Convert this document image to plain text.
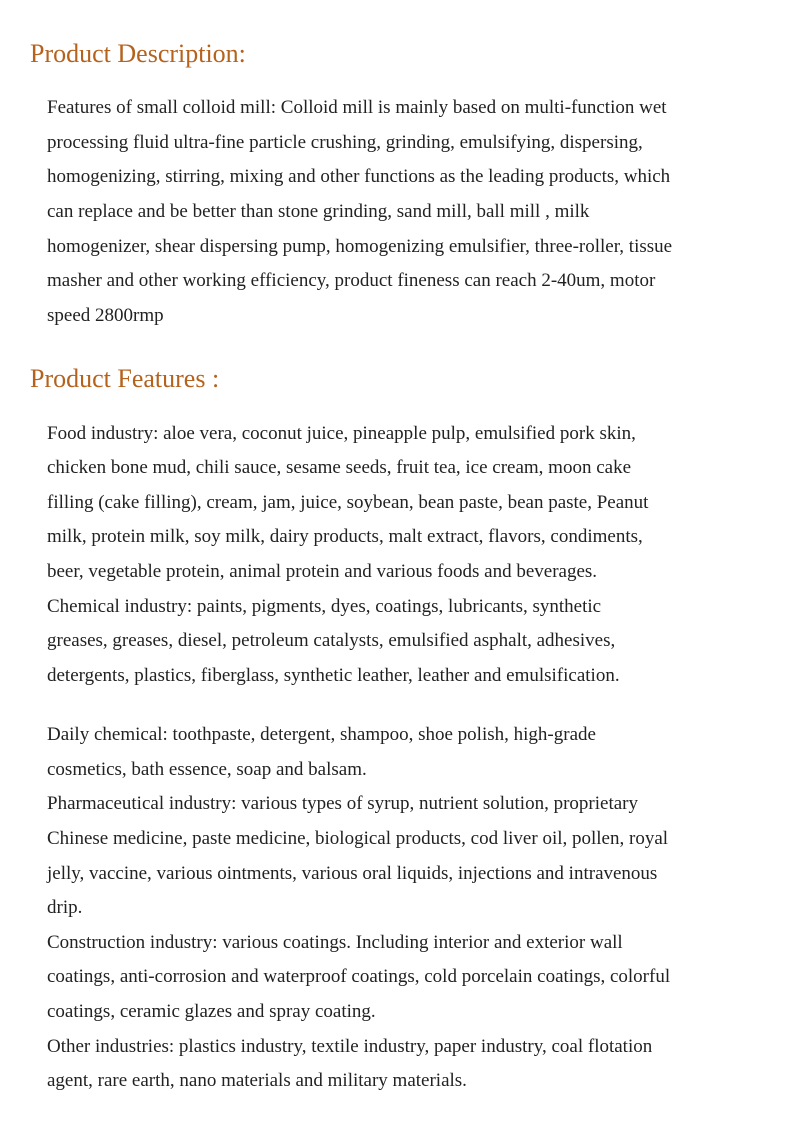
Product Description:
Features of small colloid mill: Colloid mill is mainly based on multi-function wet
processing fluid ultra-fine particle crushing, grinding, emulsifying, dispersing,
homogenizing, stirring, mixing and other functions as the leading products, which
can replace and be better than stone grinding, sand mill, ball mill , milk
homogenizer, shear dispersing pump, homogenizing emulsifier, three-roller, tissue
masher and other working efficiency, product fineness can reach 2-40um, motor
speed 2800rmp
Product Features :
Food industry: aloe vera, coconut juice, pineapple pulp, emulsified pork skin,
chicken bone mud, chili sauce, sesame seeds, fruit tea, ice cream, moon cake
filling (cake filling), cream, jam, juice, soybean, bean paste, bean paste, Peanut
milk, protein milk, soy milk, dairy products, malt extract, flavors, condiments,
beer, vegetable protein, animal protein and various foods and beverages.
Chemical industry: paints, pigments, dyes, coatings, lubricants, synthetic
greases, greases, diesel, petroleum catalysts, emulsified asphalt, adhesives,
detergents, plastics, fiberglass, synthetic leather, leather and emulsification.
Daily chemical: toothpaste, detergent, shampoo, shoe polish, high-grade
cosmetics, bath essence, soap and balsam.
Pharmaceutical industry: various types of syrup, nutrient solution, proprietary
Chinese medicine, paste medicine, biological products, cod liver oil, pollen, royal
jelly, vaccine, various ointments, various oral liquids, injections and intravenous
drip.
Construction industry: various coatings. Including interior and exterior wall
coatings, anti-corrosion and waterproof coatings, cold porcelain coatings, colorful
coatings, ceramic glazes and spray coating.
Other industries: plastics industry, textile industry, paper industry, coal flotation
agent, rare earth, nano materials and military materials.
